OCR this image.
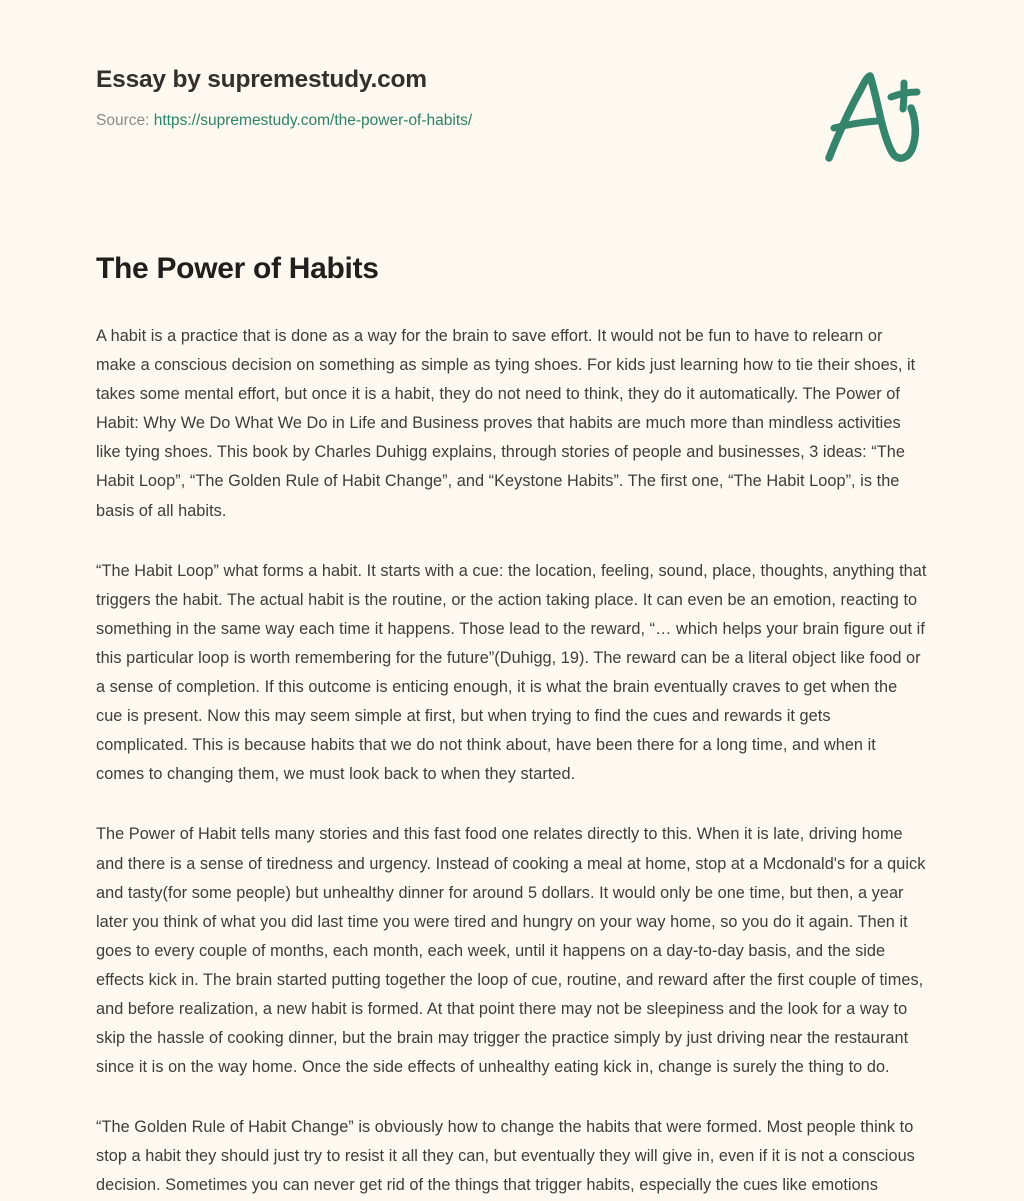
Essay by supremestudy.com
Source: https://supremestudy.com/the-power-of-habits/
The Power of Habits

A habit is a practice that is done as a way for the brain to save effort. It would not be fun to have to relearn or make a conscious decision on something as simple as tying shoes. For kids just learning how to tie their shoes, it takes some mental effort, but once it is a habit, they do not need to think, they do it automatically. The Power of Habit: Why We Do What We Do in Life and Business proves that habits are much more than mindless activities like tying shoes. This book by Charles Duhigg explains, through stories of people and businesses, 3 ideas: “The Habit Loop”, “The Golden Rule of Habit Change”, and “Keystone Habits”. The first one, “The Habit Loop”, is the basis of all habits.

“The Habit Loop” what forms a habit. It starts with a cue: the location, feeling, sound, place, thoughts, anything that triggers the habit. The actual habit is the routine, or the action taking place. It can even be an emotion, reacting to something in the same way each time it happens. Those lead to the reward, “… which helps your brain figure out if this particular loop is worth remembering for the future”(Duhigg, 19). The reward can be a literal object like food or a sense of completion. If this outcome is enticing enough, it is what the brain eventually craves to get when the cue is present. Now this may seem simple at first, but when trying to find the cues and rewards it gets complicated. This is because habits that we do not think about, have been there for a long time, and when it comes to changing them, we must look back to when they started.

The Power of Habit tells many stories and this fast food one relates directly to this. When it is late, driving home and there is a sense of tiredness and urgency. Instead of cooking a meal at home, stop at a Mcdonald's for a quick and tasty(for some people) but unhealthy dinner for around 5 dollars. It would only be one time, but then, a year later you think of what you did last time you were tired and hungry on your way home, so you do it again. Then it goes to every couple of months, each month, each week, until it happens on a day-to-day basis, and the side effects kick in. The brain started putting together the loop of cue, routine, and reward after the first couple of times, and before realization, a new habit is formed. At that point there may not be sleepiness and the look for a way to skip the hassle of cooking dinner, but the brain may trigger the practice simply by just driving near the restaurant since it is on the way home. Once the side effects of unhealthy eating kick in, change is surely the thing to do.

“The Golden Rule of Habit Change” is obviously how to change the habits that were formed. Most people think to stop a habit they should just try to resist it all they can, but eventually they will give in, even if it is not a conscious decision. Sometimes you can never get rid of the things that trigger habits, especially the cues like emotions
